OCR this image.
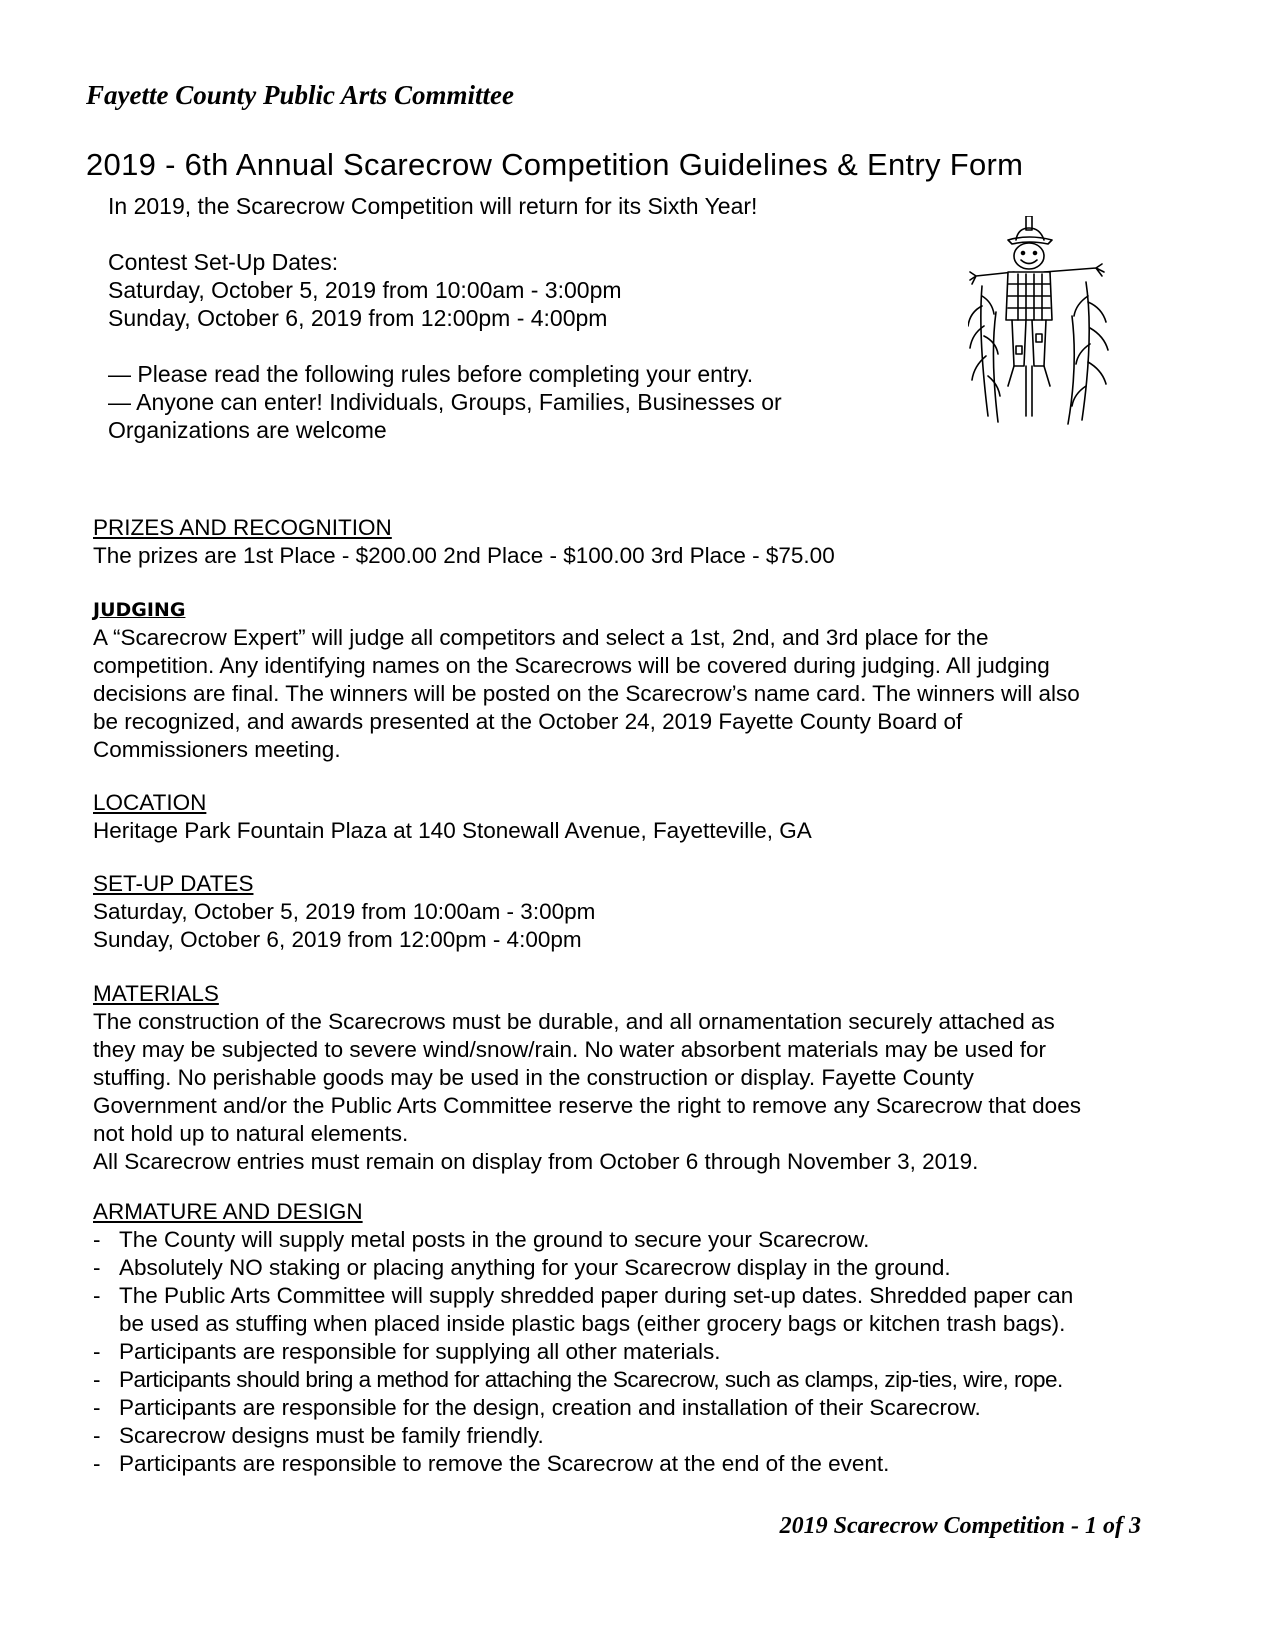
Fayette County Public Arts Committee
2019 - 6th Annual Scarecrow Competition Guidelines & Entry Form

In 2019, the Scarecrow Competition will return for its Sixth Year!

Contest Set-Up Dates:

Saturday, October 5, 2019 from 10:00am - 3:00pm

Sunday, October 6, 2019 from 12:00pm - 4:00pm

— Please read the following rules before completing your entry.

— Anyone can enter! Individuals, Groups, Families, Businesses or

Organizations are welcome

PRIZES AND RECOGNITION
The prizes are 1st Place - $200.00 2nd Place - $100.00 3rd Place - $75.00
JUDGING
A “Scarecrow Expert” will judge all competitors and select a 1st, 2nd, and 3rd place for the
competition. Any identifying names on the Scarecrows will be covered during judging. All judging
decisions are final. The winners will be posted on the Scarecrow’s name card. The winners will also
be recognized, and awards presented at the October 24, 2019 Fayette County Board of
Commissioners meeting.
LOCATION
Heritage Park Fountain Plaza at 140 Stonewall Avenue, Fayetteville, GA
SET-UP DATES
Saturday, October 5, 2019 from 10:00am - 3:00pm
Sunday, October 6, 2019 from 12:00pm - 4:00pm
MATERIALS
The construction of the Scarecrows must be durable, and all ornamentation securely attached as
they may be subjected to severe wind/snow/rain. No water absorbent materials may be used for
stuffing. No perishable goods may be used in the construction or display. Fayette County
Government and/or the Public Arts Committee reserve the right to remove any Scarecrow that does
not hold up to natural elements.
All Scarecrow entries must remain on display from October 6 through November 3, 2019.
ARMATURE AND DESIGN
- The County will supply metal posts in the ground to secure your Scarecrow.
- Absolutely NO staking or placing anything for your Scarecrow display in the ground.
- The Public Arts Committee will supply shredded paper during set-up dates. Shredded paper can
be used as stuffing when placed inside plastic bags (either grocery bags or kitchen trash bags).
- Participants are responsible for supplying all other materials.
- Participants should bring a method for attaching the Scarecrow, such as clamps, zip-ties, wire, rope.
- Participants are responsible for the design, creation and installation of their Scarecrow.
- Scarecrow designs must be family friendly.
- Participants are responsible to remove the Scarecrow at the end of the event.
2019 Scarecrow Competition - 1 of 3
